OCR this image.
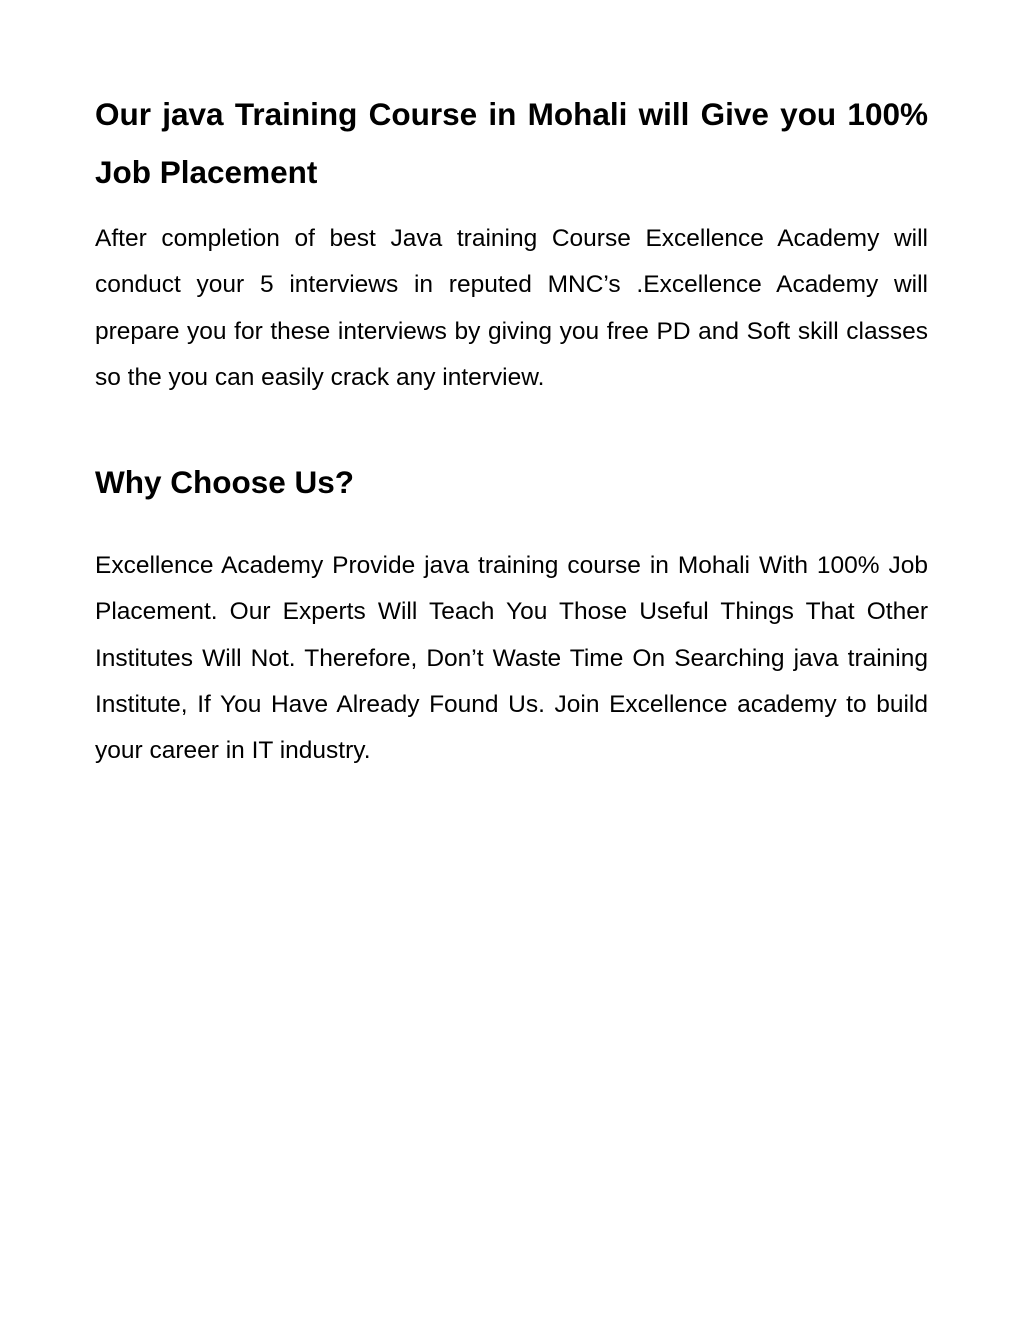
Our java Training Course in Mohali will Give you 100% Job Placement

After completion of best Java training Course Excellence Academy will conduct your 5 interviews in reputed MNC’s .Excellence Academy will prepare you for these interviews by giving you free PD and Soft skill classes so the you can easily crack any interview.

Why Choose Us?

Excellence Academy Provide java training course in Mohali With 100% Job Placement. Our Experts Will Teach You Those Useful Things That Other Institutes Will Not. Therefore, Don’t Waste Time On Searching java training Institute, If You Have Already Found Us. Join Excellence academy to build your career in IT industry.
